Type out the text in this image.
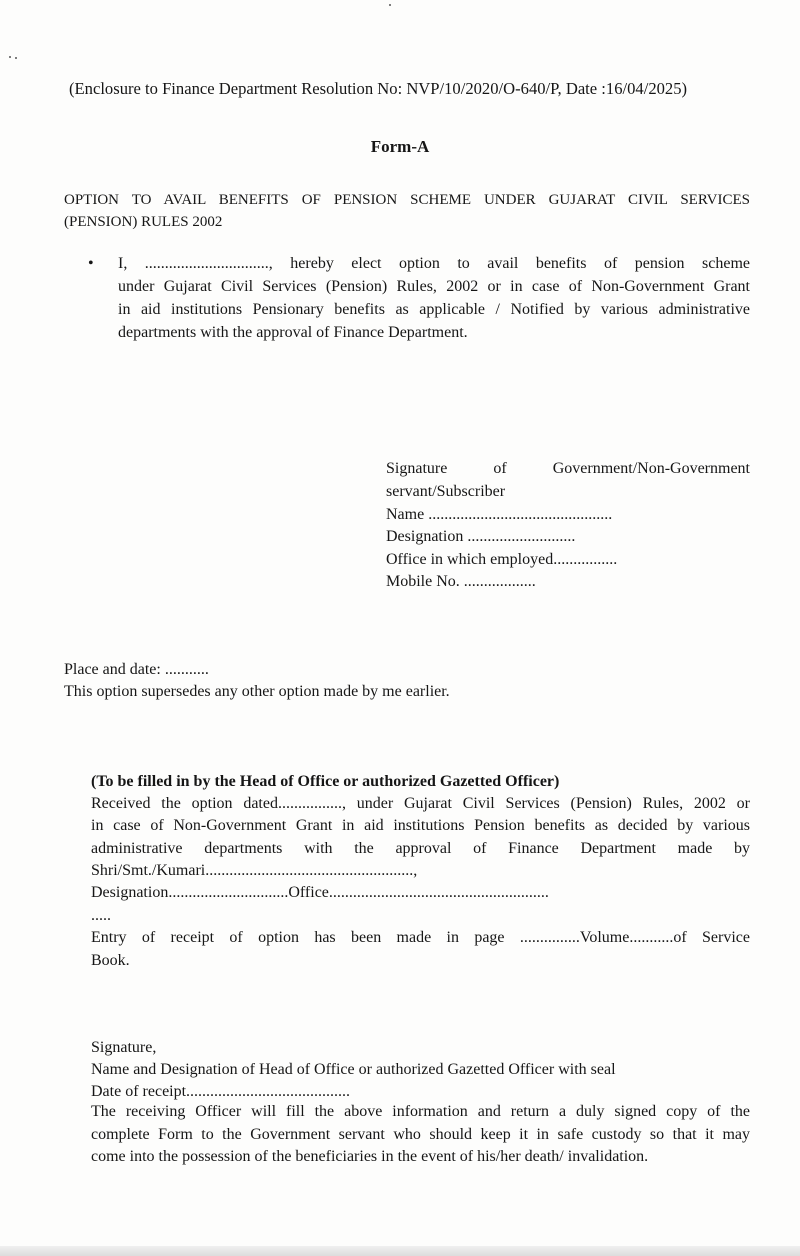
(Enclosure to Finance Department Resolution No: NVP/10/2020/O-640/P, Date :16/04/2025)
Form-A
OPTION TO AVAIL BENEFITS OF PENSION SCHEME UNDER GUJARAT CIVIL SERVICES
(PENSION) RULES 2002
• I, ..............................., hereby elect option to avail benefits of pension scheme
under Gujarat Civil Services (Pension) Rules, 2002 or in case of Non-Government Grant
in aid institutions Pensionary benefits as applicable / Notified by various administrative
departments with the approval of Finance Department.
Signature	of	Government/Non-Government
servant/Subscriber
Name ..............................................
Designation ...........................
Office in which employed................
Mobile No. ..................
Place and date: ...........
This option supersedes any other option made by me earlier.
(To be filled in by the Head of Office or authorized Gazetted Officer)
Received the option dated................, under Gujarat Civil Services (Pension) Rules, 2002 or
in case of Non-Government Grant in aid institutions Pension benefits as decided by various
administrative departments with the approval of Finance Department made by
Shri/Smt./Kumari....................................................,
Designation..............................Office.......................................................
.....
Entry of receipt of option has been made in page ...............Volume...........of Service
Book.
Signature,
Name and Designation of Head of Office or authorized Gazetted Officer with seal
Date of receipt.........................................
The receiving Officer will fill the above information and return a duly signed copy of the
complete Form to the Government servant who should keep it in safe custody so that it may
come into the possession of the beneficiaries in the event of his/her death/ invalidation.
